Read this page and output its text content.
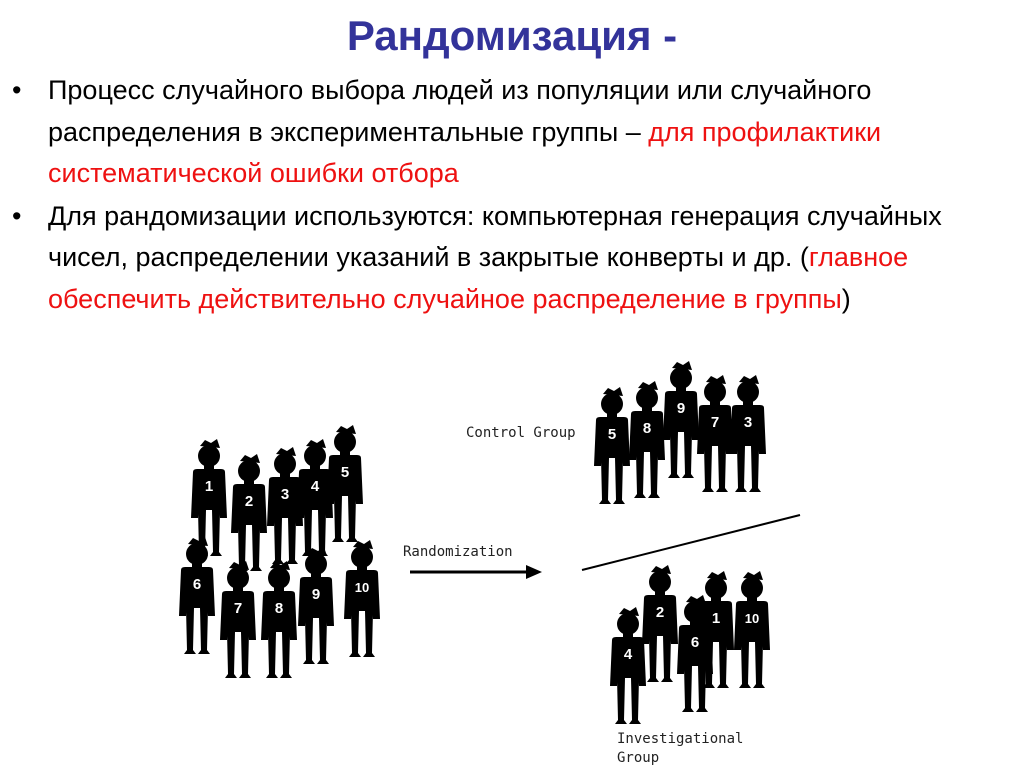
Рандомизация -
• Процесс случайного выбора людей из популяции или случайного распределения в экспериментальные группы – для профилактики систематической ошибки отбора
• Для рандомизации используются: компьютерная генерация случайных чисел, распределении указаний в закрытые конверты и др. (главное обеспечить действительно случайное распределение в группы)
1
2 3 4
5
6
7 8
9	10
Randomization
Control Group 5 8
9
7 3
2	1 10
4
6
Investigational
Group
